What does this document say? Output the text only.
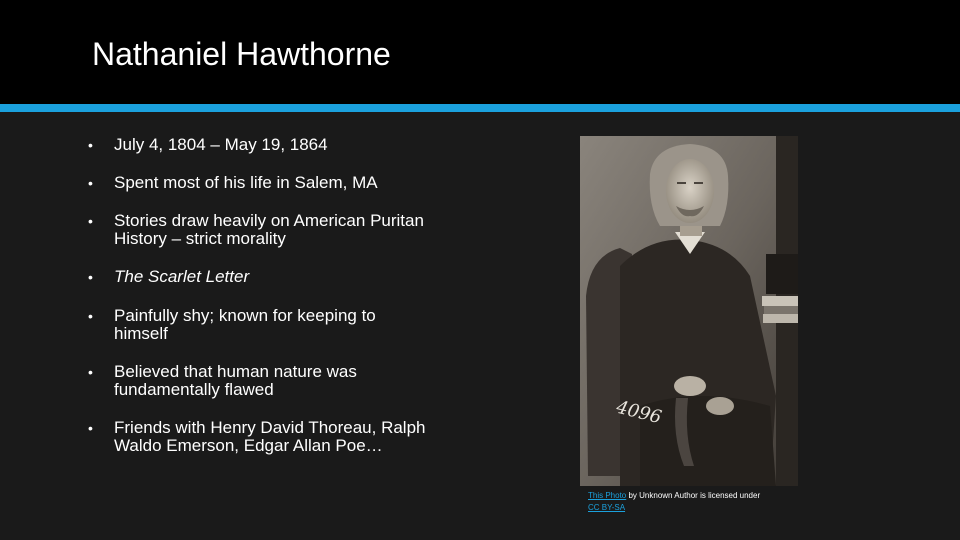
Nathaniel Hawthorne
• July 4, 1804 – May 19, 1864
• Spent most of his life in Salem, MA
• Stories draw heavily on American Puritan History – strict morality
• The Scarlet Letter
• Painfully shy; known for keeping to himself
• Believed that human nature was fundamentally flawed
• Friends with Henry David Thoreau, Ralph Waldo Emerson, Edgar Allan Poe…
4096
This Photo by Unknown Author is licensed under
CC BY-SA
